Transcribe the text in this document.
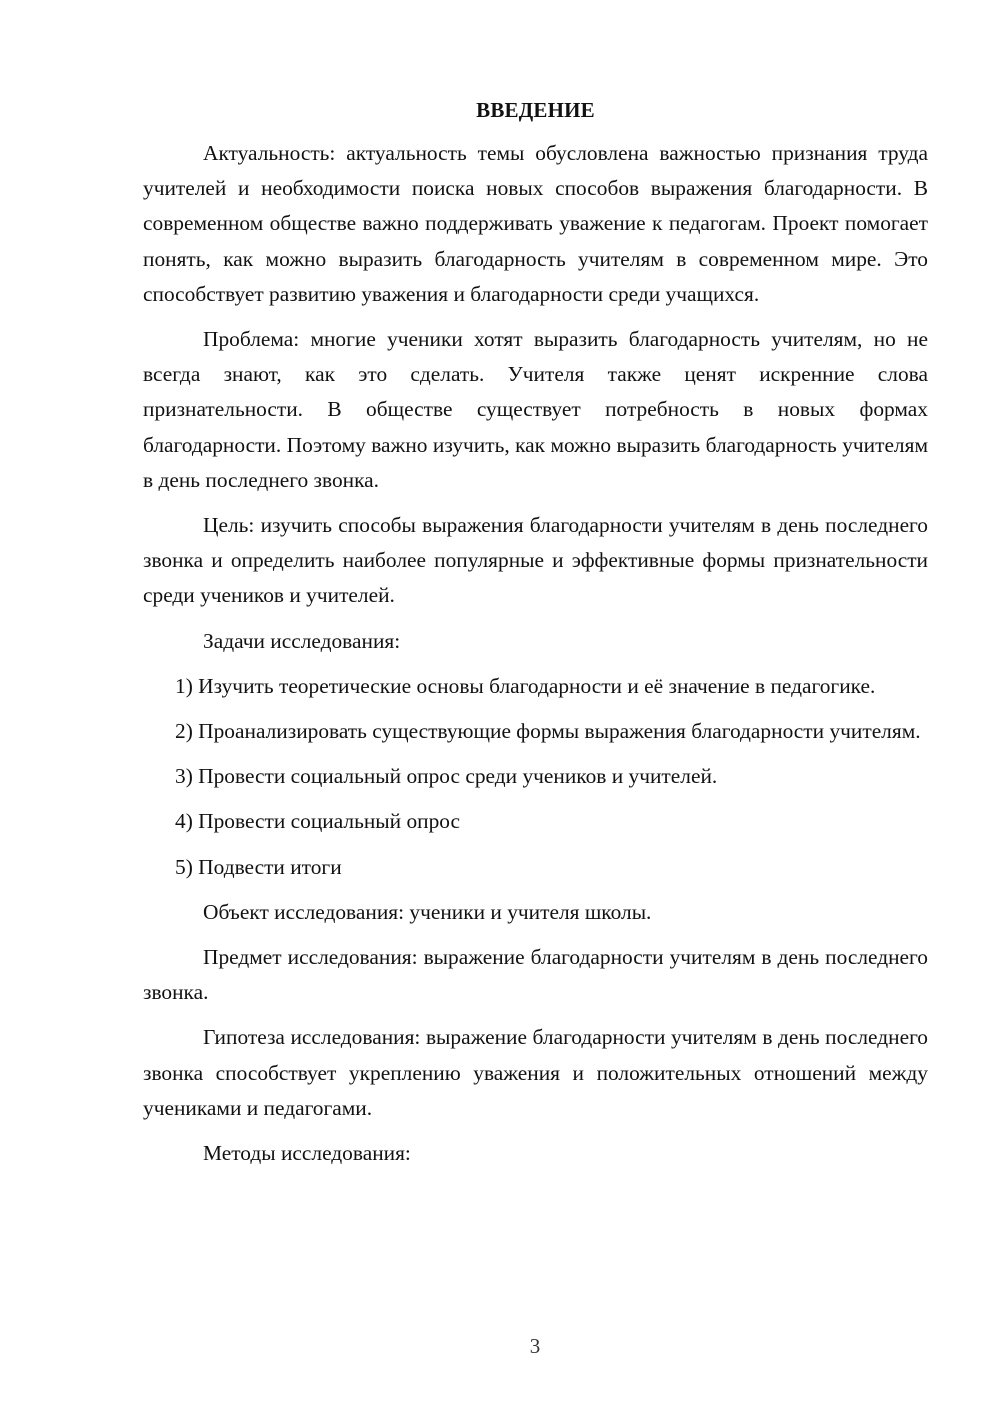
ВВЕДЕНИЕ

Актуальность: актуальность темы обусловлена важностью признания труда учителей и необходимости поиска новых способов выражения благодарности. В современном обществе важно поддерживать уважение к педагогам. Проект помогает понять, как можно выразить благодарность учителям в современном мире. Это способствует развитию уважения и благодарности среди учащихся.

Проблема: многие ученики хотят выразить благодарность учителям, но не всегда знают, как это сделать. Учителя также ценят искренние слова признательности. В обществе существует потребность в новых формах благодарности. Поэтому важно изучить, как можно выразить благодарность учителям в день последнего звонка.

Цель: изучить способы выражения благодарности учителям в день последнего звонка и определить наиболее популярные и эффективные формы признательности среди учеников и учителей.

Задачи исследования:

1) Изучить теоретические основы благодарности и её значение в педагогике.

2) Проанализировать существующие формы выражения благодарности учителям.

3) Провести социальный опрос среди учеников и учителей.

4) Провести социальный опрос

5) Подвести итоги

Объект исследования: ученики и учителя школы.

Предмет исследования: выражение благодарности учителям в день последнего звонка.

Гипотеза исследования: выражение благодарности учителям в день последнего звонка способствует укреплению уважения и положительных отношений между учениками и педагогами.

Методы исследования:

3
